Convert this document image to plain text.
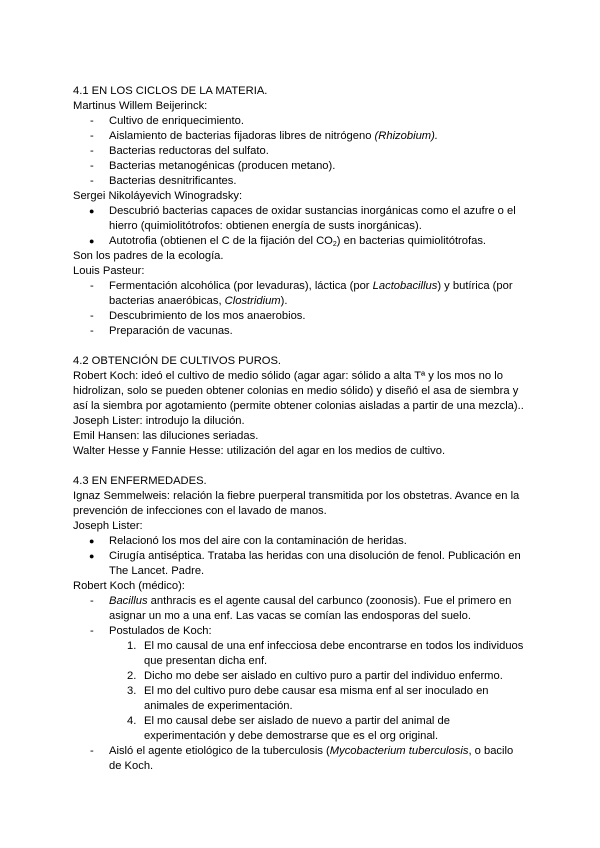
4.1 EN LOS CICLOS DE LA MATERIA.
Martinus Willem Beijerinck:
- Cultivo de enriquecimiento.
- Aislamiento de bacterias fijadoras libres de nitrógeno (Rhizobium).
- Bacterias reductoras del sulfato.
- Bacterias metanogénicas (producen metano).
- Bacterias desnitrificantes.
Sergei Nikoláyevich Winogradsky:
● Descubrió bacterias capaces de oxidar sustancias inorgánicas como el azufre o el hierro (quimiolitótrofos: obtienen energía de susts inorgánicas).
● Autotrofia (obtienen el C de la fijación del $CO_2$) en bacterias quimiolitótrofas.
Son los padres de la ecología.
Louis Pasteur:
- Fermentación alcohólica (por levaduras), láctica (por Lactobacillus) y butírica (por bacterias anaeróbicas, Clostridium).
- Descubrimiento de los mos anaerobios.
- Preparación de vacunas.
4.2 OBTENCIÓN DE CULTIVOS PUROS.
Robert Koch: ideó el cultivo de medio sólido (agar agar: sólido a alta Tª y los mos no lo hidrolizan, solo se pueden obtener colonias en medio sólido) y diseñó el asa de siembra y así la siembra por agotamiento (permite obtener colonias aisladas a partir de una mezcla)..
Joseph Lister: introdujo la dilución.
Emil Hansen: las diluciones seriadas.
Walter Hesse y Fannie Hesse: utilización del agar en los medios de cultivo.
4.3 EN ENFERMEDADES.
Ignaz Semmelweis: relación la fiebre puerperal transmitida por los obstetras. Avance en la prevención de infecciones con el lavado de manos.
Joseph Lister:
● Relacionó los mos del aire con la contaminación de heridas.
● Cirugía antiséptica. Trataba las heridas con una disolución de fenol. Publicación en The Lancet. Padre.
Robert Koch (médico):
- Bacillus anthracis es el agente causal del carbunco (zoonosis). Fue el primero en asignar un mo a una enf. Las vacas se comían las endosporas del suelo.
- Postulados de Koch:
1. El mo causal de una enf infecciosa debe encontrarse en todos los individuos que presentan dicha enf.
2. Dicho mo debe ser aislado en cultivo puro a partir del individuo enfermo.
3. El mo del cultivo puro debe causar esa misma enf al ser inoculado en animales de experimentación.
4. El mo causal debe ser aislado de nuevo a partir del animal de experimentación y debe demostrarse que es el org original.
- Aisló el agente etiológico de la tuberculosis (Mycobacterium tuberculosis, o bacilo de Koch.
